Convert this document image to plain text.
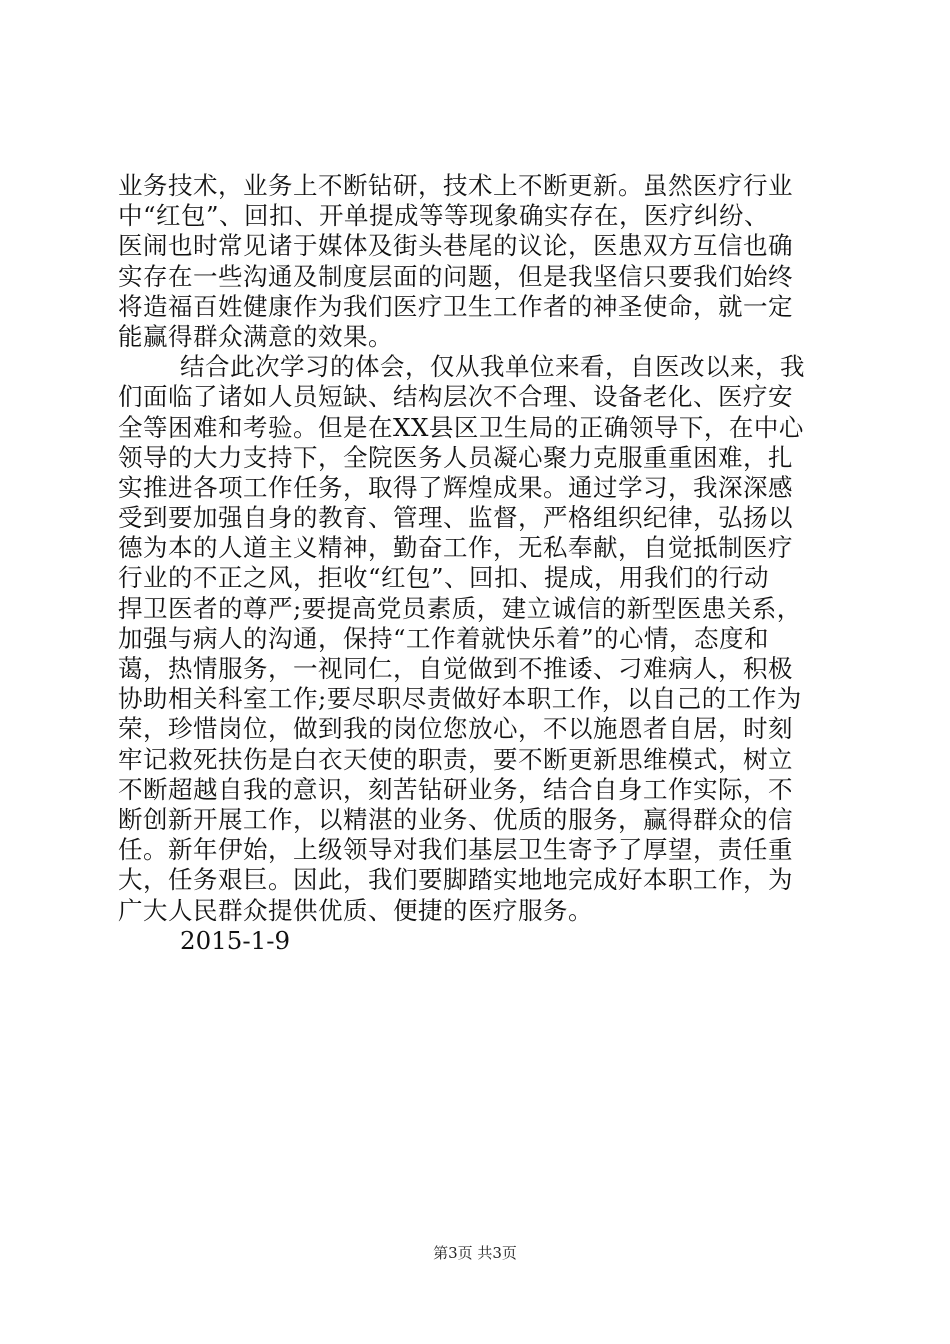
业务技术，业务上不断钻研，技术上不断更新。虽然医疗行业
中“红包”、回扣、开单提成等等现象确实存在，医疗纠纷、
医闹也时常见诸于媒体及街头巷尾的议论，医患双方互信也确
实存在一些沟通及制度层面的问题，但是我坚信只要我们始终
将造福百姓健康作为我们医疗卫生工作者的神圣使命，就一定
能赢得群众满意的效果。
结合此次学习的体会，仅从我单位来看，自医改以来，我
们面临了诸如人员短缺、结构层次不合理、设备老化、医疗安
全等困难和考验。但是在XX县区卫生局的正确领导下，在中心
领导的大力支持下，全院医务人员凝心聚力克服重重困难，扎
实推进各项工作任务，取得了辉煌成果。通过学习，我深深感
受到要加强自身的教育、管理、监督，严格组织纪律，弘扬以
德为本的人道主义精神，勤奋工作，无私奉献，自觉抵制医疗
行业的不正之风，拒收“红包”、回扣、提成，用我们的行动
捍卫医者的尊严;要提高党员素质，建立诚信的新型医患关系，
加强与病人的沟通，保持“工作着就快乐着”的心情，态度和
蔼，热情服务，一视同仁，自觉做到不推诿、刁难病人，积极
协助相关科室工作;要尽职尽责做好本职工作，以自己的工作为
荣，珍惜岗位，做到我的岗位您放心，不以施恩者自居，时刻
牢记救死扶伤是白衣天使的职责，要不断更新思维模式，树立
不断超越自我的意识，刻苦钻研业务，结合自身工作实际，不
断创新开展工作，以精湛的业务、优质的服务，赢得群众的信
任。新年伊始，上级领导对我们基层卫生寄予了厚望，责任重
大，任务艰巨。因此，我们要脚踏实地地完成好本职工作，为
广大人民群众提供优质、便捷的医疗服务。
2015-1-9
第3页 共3页
